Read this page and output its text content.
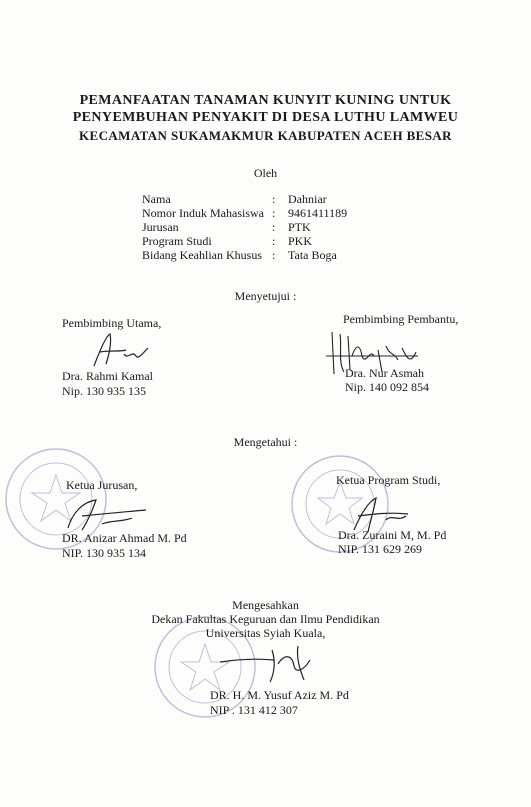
PEMANFAATAN TANAMAN KUNYIT KUNING UNTUK
PENYEMBUHAN PENYAKIT DI DESA LUTHU LAMWEU
KECAMATAN SUKAMAKMUR KABUPATEN ACEH BESAR
Oleh
Nama	: Dahniar
Nomor Induk Mahasiswa : 9461411189
Jurusan	: PTK
Program Studi	: PKK
Bidang Keahlian Khusus : Tata Boga
Menyetujui :
Pembimbing Utama,
Dra. Rahmi Kamal
Nip. 130 935 135
Pembimbing Pembantu,
Dra. Nur Asmah
Nip. 140 092 854
Mengetahui :
Ketua Jurusan,
DR. Anizar Ahmad M. Pd
NIP. 130 935 134
Ketua Program Studi,
Dra. Zuraini M, M. Pd
NIP. 131 629 269
Mengesahkan
Dekan Fakultas Keguruan dan Ilmu Pendidikan
Universitas Syiah Kuala,
DR. H. M. Yusuf Aziz M. Pd
NIP . 131 412 307
